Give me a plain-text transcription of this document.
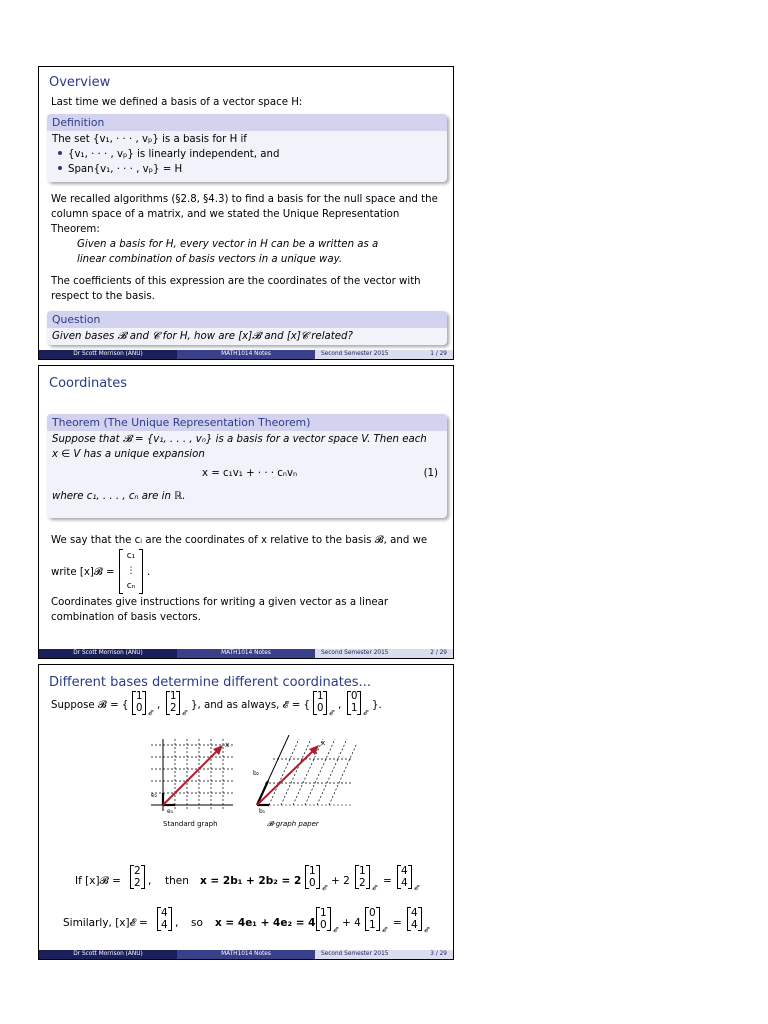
Overview
Last time we defined a basis of a vector space H:
Definition
The set {v₁, · · · , vₚ} is a basis for H if
{v₁, · · · , vₚ} is linearly independent, and
Span{v₁, · · · , vₚ} = H
We recalled algorithms (§2.8, §4.3) to find a basis for the null space and the column space of a matrix, and we stated the Unique Representation Theorem:
Given a basis for H, every vector in H can be a written as a
linear combination of basis vectors in a unique way.
The coefficients of this expression are the coordinates of the vector with respect to the basis.
Question
Given bases 𝓑 and 𝓒 for H, how are [x]𝓑 and [x]𝓒 related?
Dr Scott Morrison (ANU)	MATH1014 Notes	Second Semester 2015	1 / 29
Coordinates
Theorem (The Unique Representation Theorem)
Suppose that 𝓑 = {v₁, . . . , vₙ} is a basis for a vector space V. Then each
x ∈ V has a unique expansion
x = c₁v₁ + · · · cₙvₙ	(1)
where c₁, . . . , cₙ are in ℝ.
We say that the cᵢ are the coordinates of x relative to the basis 𝓑, and we
write [x]𝓑 =
c₁
⋮
cₙ
.
Coordinates give instructions for writing a given vector as a linear
combination of basis vectors.
Dr Scott Morrison (ANU)	MATH1014 Notes	Second Semester 2015	2 / 29
Different bases determine different coordinates...
Suppose 𝓑 = {
1
0 𝓔
,
1
2 𝓔
}, and as always, 𝓔 = {
1
0 𝓔
,
0
1 𝓔
}.
x
e₁
e₂
Standard graph
x
b₁
b₂
𝓑-graph paper
If [x]𝓑 =
2
2 , then x = 2b₁ + 2b₂ = 2
1
0 𝓔
+ 2
1
2 𝓔
=
4
4 𝓔
Similarly, [x]𝓔 =
4
4 , so x = 4e₁ + 4e₂ = 4
1
0 𝓔
+ 4
0
1 𝓔
=
4
4 𝓔
Dr Scott Morrison (ANU)	MATH1014 Notes	Second Semester 2015	3 / 29
